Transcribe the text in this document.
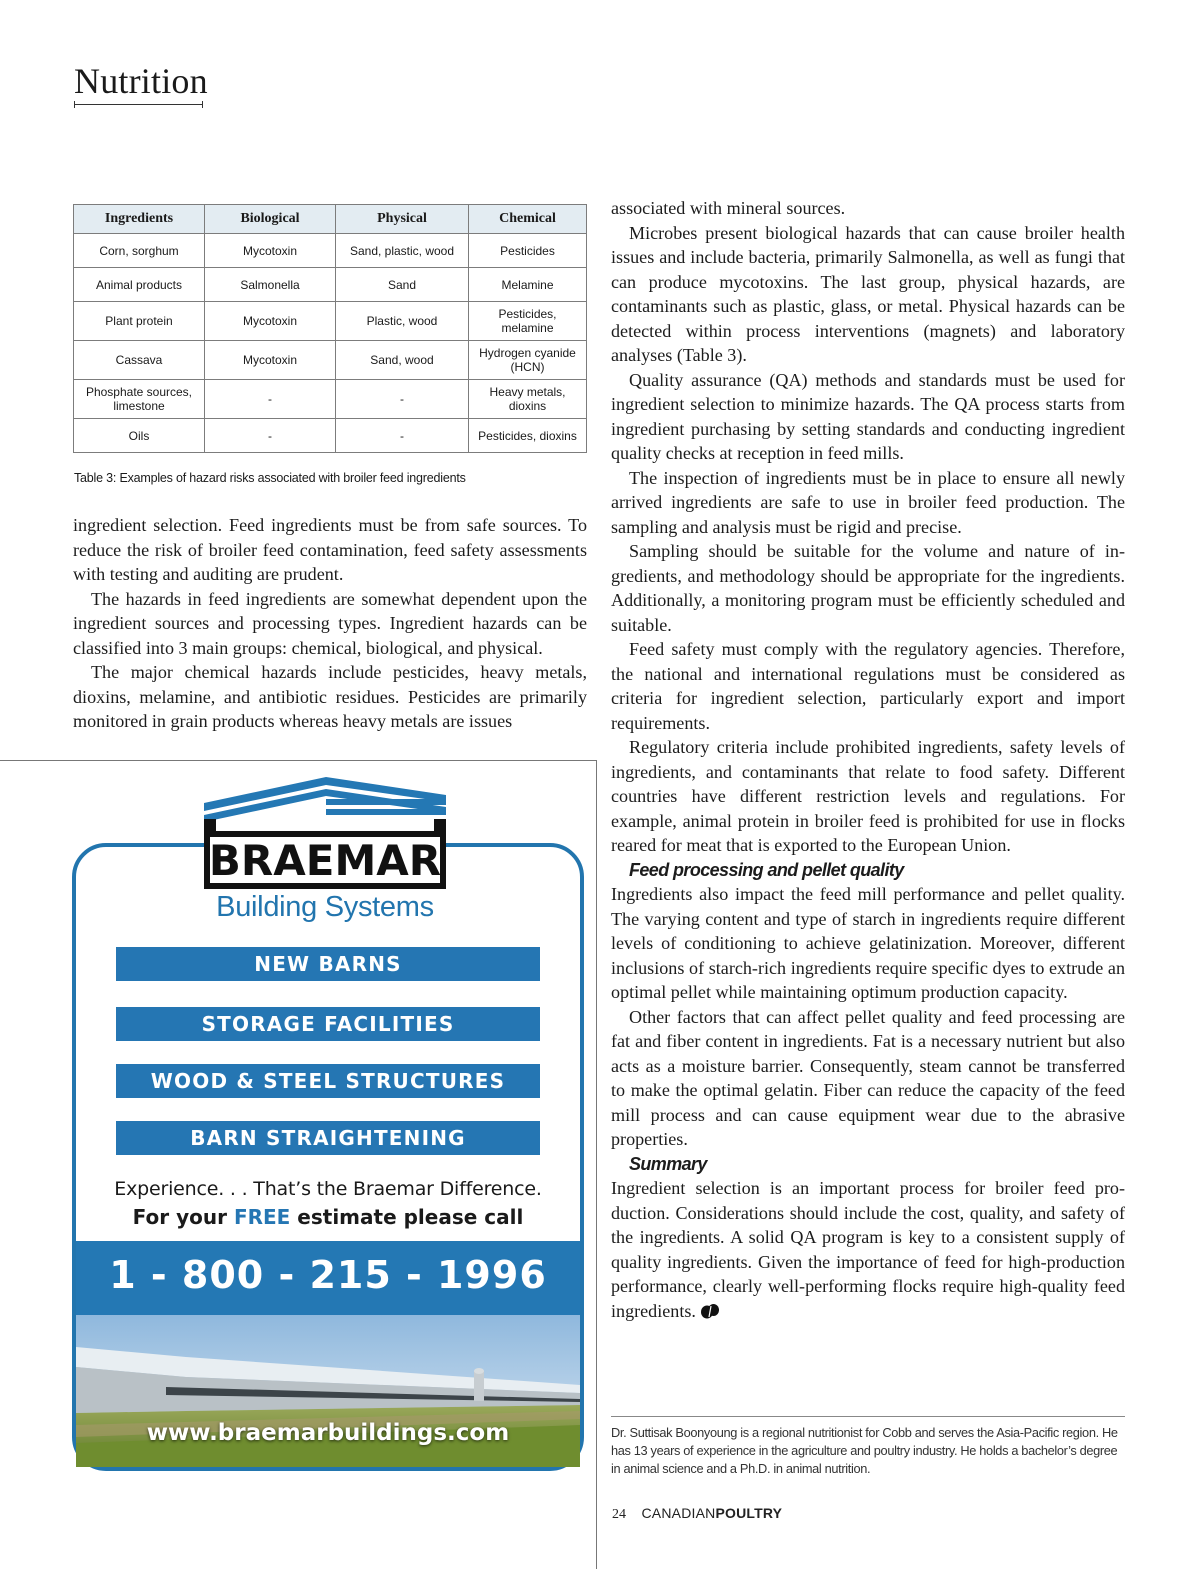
Nutrition
Ingredients	Biological	Physical	Chemical
Corn, sorghum	Mycotoxin	Sand, plastic, wood	Pesticides
Animal products	Salmonella	Sand	Melamine
Plant protein	Mycotoxin	Plastic, wood	Pesticides, melamine
Cassava	Mycotoxin	Sand, wood	Hydrogen cyanide (HCN)
Phosphate sources, limestone	-	-	Heavy metals, dioxins
Oils	-	-	Pesticides, dioxins
Table 3: Examples of hazard risks associated with broiler feed ingredients

ingredient selection. Feed ingredients must be from safe sources. To reduce the risk of broiler feed contamination, feed safety assessments with testing and auditing are prudent.

The hazards in feed ingredients are somewhat dependent upon the ingredient sources and processing types. Ingredient hazards can be classified into 3 main groups: chemical, biological, and physical.

The major chemical hazards include pesticides, heavy metals, dioxins, melamine, and antibiotic residues. Pesticides are primarily monitored in grain products whereas heavy metals are issues

associated with mineral sources.

Microbes present biological hazards that can cause broiler health issues and include bacteria, primarily Salmonella, as well as fungi that can produce mycotoxins. The last group, physical hazards, are contaminants such as plastic, glass, or metal. Physical hazards can be detected within process interventions (magnets) and laboratory analyses (Table 3).

Quality assurance (QA) methods and standards must be used for ingredient selection to minimize hazards. The QA process starts from ingredient purchasing by setting standards and conducting ingredient quality checks at reception in feed mills.

The inspection of ingredients must be in place to ensure all newly arrived ingredients are safe to use in broiler feed production. The sampling and analysis must be rigid and precise.

Sampling should be suitable for the volume and nature of ingredients, and methodology should be appropriate for the ingredients. Additionally, a monitoring program must be efficiently scheduled and suitable.

Feed safety must comply with the regulatory agencies. Therefore, the national and international regulations must be considered as criteria for ingredient selection, particularly export and import requirements.

Regulatory criteria include prohibited ingredients, safety levels of ingredients, and contaminants that relate to food safety. Different countries have different restriction levels and regulations. For example, animal protein in broiler feed is prohibited for use in flocks reared for meat that is exported to the European Union.

Feed processing and pellet quality

Ingredients also impact the feed mill performance and pellet quality. The varying content and type of starch in ingredients require different levels of conditioning to achieve gelatinization. Moreover, different inclusions of starch-rich ingredients require specific dyes to extrude an optimal pellet while maintaining optimum production capacity.

Other factors that can affect pellet quality and feed processing are fat and fiber content in ingredients. Fat is a necessary nutrient but also acts as a moisture barrier. Consequently, steam cannot be transferred to make the optimal gelatin. Fiber can reduce the capacity of the feed mill process and can cause equipment wear due to the abrasive properties.

Summary

Ingredient selection is an important process for broiler feed production. Considerations should include the cost, quality, and safety of the ingredients. A solid QA program is key to a consistent supply of quality ingredients. Given the importance of feed for high-production performance, clearly well-performing flocks require high-quality feed ingredients.

Dr. Suttisak Boonyoung is a regional nutritionist for Cobb and serves the Asia-Pacific region. He has 13 years of experience in the agriculture and poultry industry. He holds a bachelor’s degree in animal science and a Ph.D. in animal nutrition.
24 CANADIANPOULTRY
BRAEMAR
Building Systems
NEW BARNS
STORAGE FACILITIES
WOOD & STEEL STRUCTURES
BARN STRAIGHTENING
Experience. . . That’s the Braemar Difference.
For your FREE estimate please call
1 - 800 - 215 - 1996
www.braemarbuildings.com
